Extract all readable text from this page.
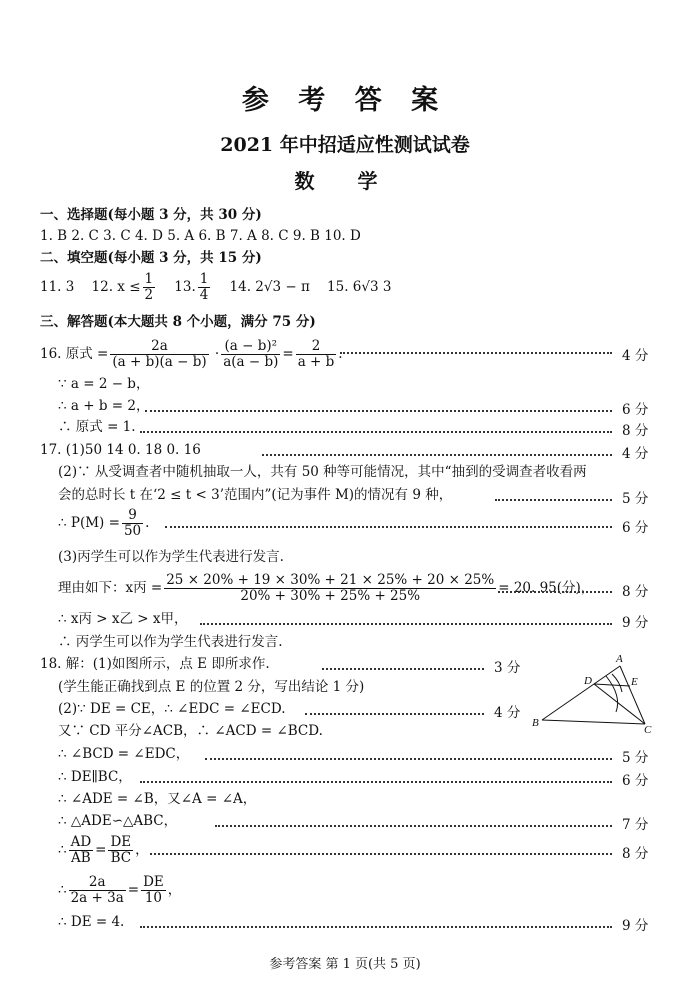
参 考 答 案
2021 年中招适应性测试试卷
数 学
一、选择题(每小题 3 分，共 30 分)
1. B 2. C 3. C 4. D 5. A 6. B 7. A 8. C 9. B 10. D
二、填空题(每小题 3 分，共 15 分)
11. 3 12. $x \le \frac{1}{2} 13$. $\frac{1}{4} 14$. 2√3 − π 15. 6√3 3
三、解答题(本大题共 8 个小题，满分 75 分)
16. 原式 = $\frac{2a}{(a + b)(a - b)} \cdot \frac{\text{(a − b)²}}{a(a - b)} = \frac{2}{a + b}$ .	4 分
∵ a = 2 − b，
∴ a + b = 2，	6 分
∴ 原式 = 1.	8 分
17. (1)50 14 0. 18 0. 16	4 分
(2)∵ 从受调查者中随机抽取一人，共有 50 种等可能情况，其中“抽到的受调查者收看两
会的总时长 t 在‘2 ≤ t < 3’范围内”(记为事件 M)的情况有 9 种，	5 分
∴ $P(M) = \frac{9}{50}$ .	6 分
(3)丙学生可以作为学生代表进行发言.
理由如下：x丙 = $\frac{25 \times 20\% + 19 \times 30\% + 21 \times 25\% + 20 \times 25\%}{20\% + 30\% + 25\% + 25\%} = 20$. 95(分)， 8 分
∴ x丙 > x乙 > x甲，	9 分
∴ 丙学生可以作为学生代表进行发言.
18. 解：(1)如图所示，点 E 即所求作.	3 分
(学生能正确找到点 E 的位置 2 分，写出结论 1 分)
(2)∵ DE = CE，∴ ∠EDC = ∠ECD.	4 分
又∵ CD 平分∠ACB，∴ ∠ACD = ∠BCD.
∴ ∠BCD = ∠EDC，	5 分
∴ DE∥BC，	6 分
∴ ∠ADE = ∠B，又∠A = ∠A，
∴ △ADE∽△ABC，	7 分
∴ $\frac{AD}{AB} = \frac{DE}{BC}$ ，	8 分
∴ $\frac{2a}{2a + 3a} = \frac{DE}{10}$ ，
∴ DE = 4.	9 分
A
B
C
D	E
参考答案 第 1 页(共 5 页)
